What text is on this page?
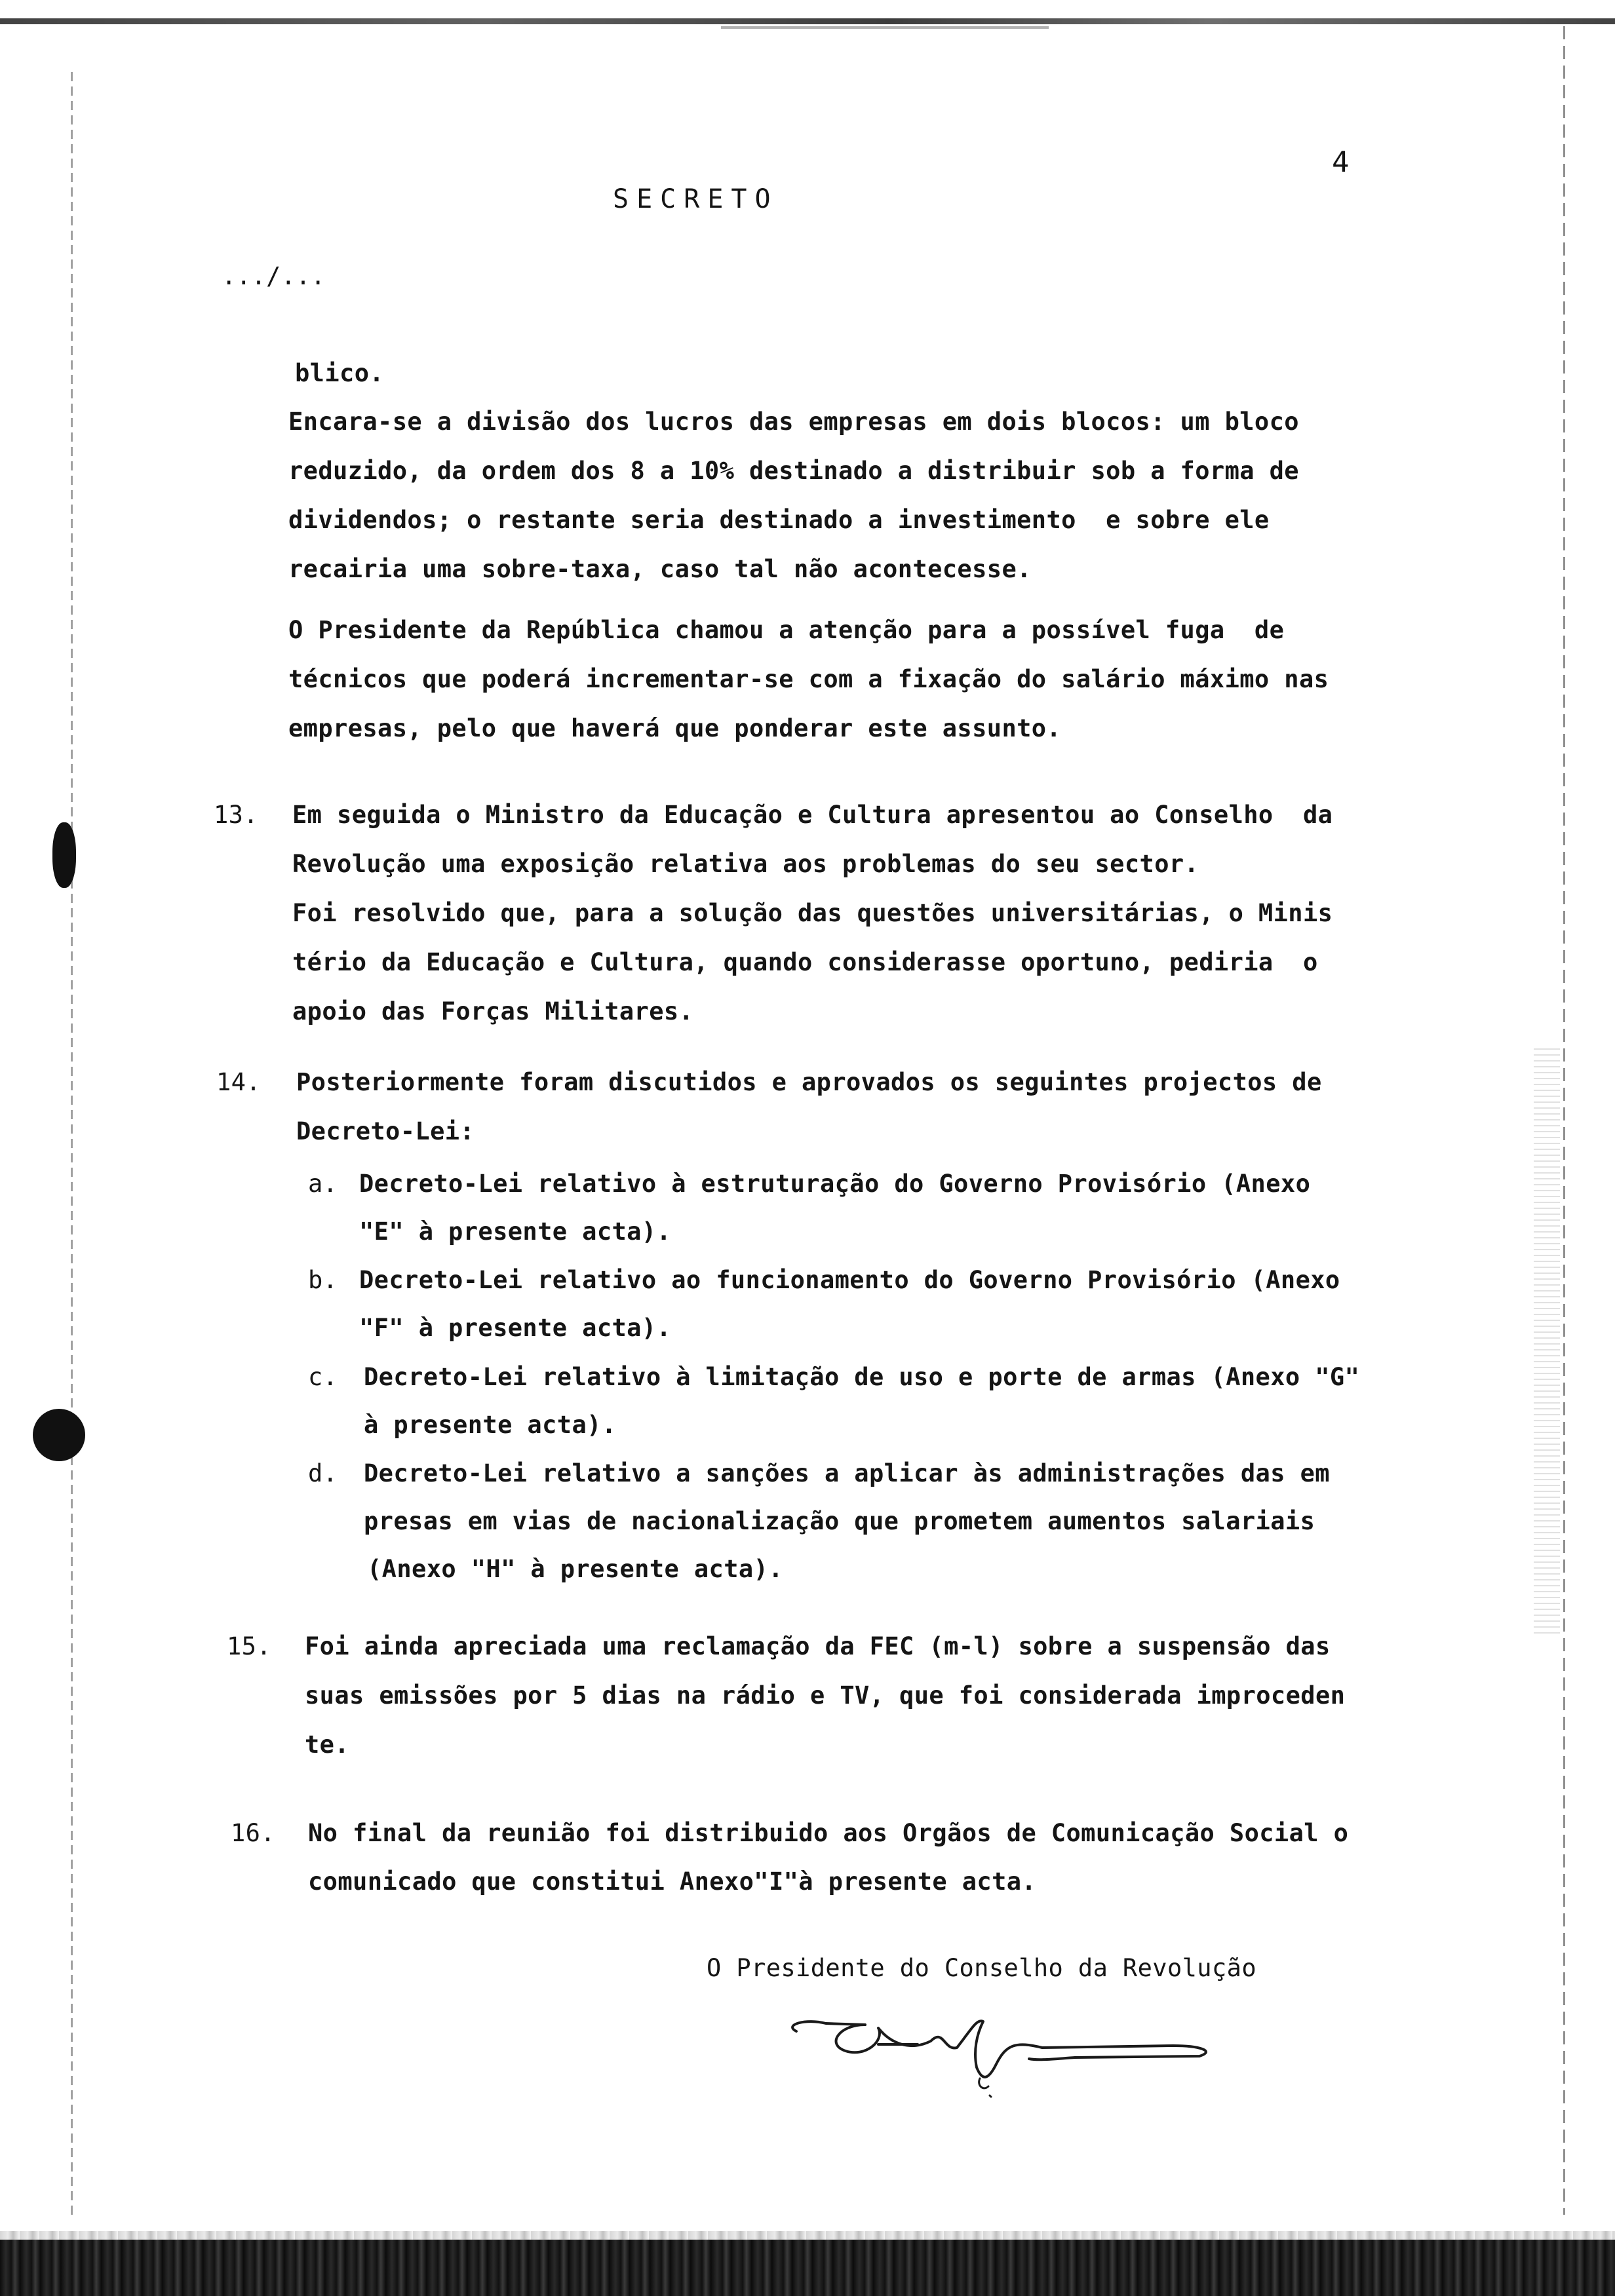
4
SECRETO
.../...
blico.
Encara-se a divisão dos lucros das empresas em dois blocos: um bloco
reduzido, da ordem dos 8 a 10% destinado a distribuir sob a forma de
dividendos; o restante seria destinado a investimento  e sobre ele
recairia uma sobre-taxa, caso tal não acontecesse.
O Presidente da República chamou a atenção para a possível fuga  de
técnicos que poderá incrementar-se com a fixação do salário máximo nas
empresas, pelo que haverá que ponderar este assunto.
13. Em seguida o Ministro da Educação e Cultura apresentou ao Conselho  da
Revolução uma exposição relativa aos problemas do seu sector.
Foi resolvido que, para a solução das questões universitárias, o Minis
tério da Educação e Cultura, quando considerasse oportuno, pediria  o
apoio das Forças Militares.
14. Posteriormente foram discutidos e aprovados os seguintes projectos de
Decreto-Lei:
a. Decreto-Lei relativo à estruturação do Governo Provisório (Anexo
"E" à presente acta).
b. Decreto-Lei relativo ao funcionamento do Governo Provisório (Anexo
"F" à presente acta).
c. Decreto-Lei relativo à limitação de uso e porte de armas (Anexo "G"
à presente acta).
d. Decreto-Lei relativo a sanções a aplicar às administrações das em
presas em vias de nacionalização que prometem aumentos salariais
(Anexo "H" à presente acta).
15. Foi ainda apreciada uma reclamação da FEC (m-l) sobre a suspensão das
suas emissões por 5 dias na rádio e TV, que foi considerada improceden
te.
16. No final da reunião foi distribuido aos Orgãos de Comunicação Social o
comunicado que constitui Anexo"I"à presente acta.
O Presidente do Conselho da Revolução
